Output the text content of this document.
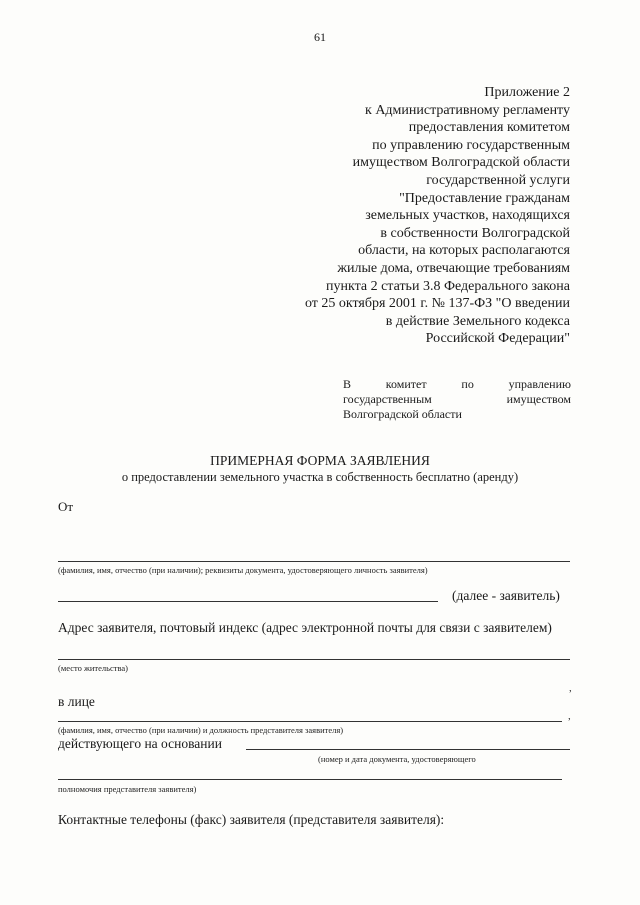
61
Приложение 2
к Административному регламенту
предоставления комитетом
по управлению государственным
имуществом Волгоградской области
государственной услуги
"Предоставление гражданам
земельных участков, находящихся
в собственности Волгоградской
области, на которых располагаются
жилые дома, отвечающие требованиям
пункта 2 статьи 3.8 Федерального закона
от 25 октября 2001 г. № 137-ФЗ "О введении
в действие Земельного кодекса
Российской Федерации"
В	комитет	по	управлению
государственным	имуществом
Волгоградской области
ПРИМЕРНАЯ ФОРМА ЗАЯВЛЕНИЯ
о предоставлении земельного участка в собственность бесплатно (аренду)
От
(фамилия, имя, отчество (при наличии); реквизиты документа, удостоверяющего личность заявителя)
(далее - заявитель)
Адрес заявителя, почтовый индекс (адрес электронной почты для связи с заявителем)
(место жительства)
,
в лице
,
(фамилия, имя, отчество (при наличии) и должность представителя заявителя)
действующего на основании
(номер и дата документа, удостоверяющего
полномочия представителя заявителя)
Контактные телефоны (факс) заявителя (представителя заявителя):
